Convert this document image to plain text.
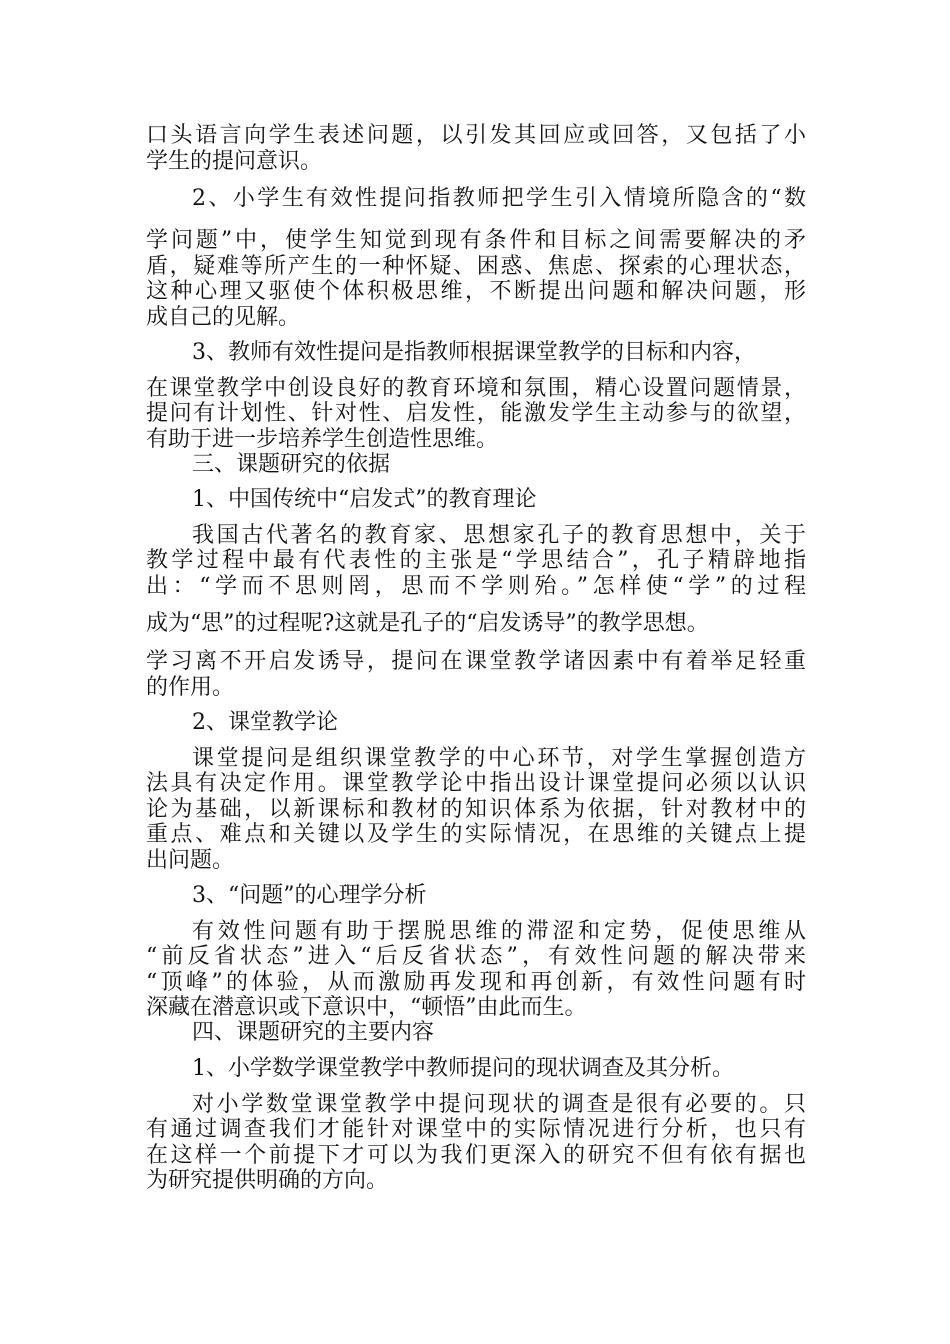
口头语言向学生表述问题，以引发其回应或回答，又包括了小
学生的提问意识。
2、小学生有效性提问指教师把学生引入情境所隐含的“数
学问题”中，使学生知觉到现有条件和目标之间需要解决的矛
盾，疑难等所产生的一种怀疑、困惑、焦虑、探索的心理状态，
这种心理又驱使个体积极思维，不断提出问题和解决问题，形
成自己的见解。
3、教师有效性提问是指教师根据课堂教学的目标和内容，
在课堂教学中创设良好的教育环境和氛围，精心设置问题情景，
提问有计划性、针对性、启发性，能激发学生主动参与的欲望，
有助于进一步培养学生创造性思维。
三、课题研究的依据
1、中国传统中“启发式”的教育理论
我国古代著名的教育家、思想家孔子的教育思想中，关于
教学过程中最有代表性的主张是“学思结合”，孔子精辟地指
出：“学而不思则罔，思而不学则殆。”怎样使“学”的过程
成为“思”的过程呢?这就是孔子的“启发诱导”的教学思想。
学习离不开启发诱导，提问在课堂教学诸因素中有着举足轻重
的作用。
2、课堂教学论
课堂提问是组织课堂教学的中心环节，对学生掌握创造方
法具有决定作用。课堂教学论中指出设计课堂提问必须以认识
论为基础，以新课标和教材的知识体系为依据，针对教材中的
重点、难点和关键以及学生的实际情况，在思维的关键点上提
出问题。
3、“问题”的心理学分析
有效性问题有助于摆脱思维的滞涩和定势，促使思维从
“前反省状态”进入“后反省状态”，有效性问题的解决带来
“顶峰”的体验，从而激励再发现和再创新，有效性问题有时
深藏在潜意识或下意识中，“顿悟”由此而生。
四、课题研究的主要内容
1、小学数学课堂教学中教师提问的现状调查及其分析。
对小学数堂课堂教学中提问现状的调查是很有必要的。只
有通过调查我们才能针对课堂中的实际情况进行分析，也只有
在这样一个前提下才可以为我们更深入的研究不但有依有据也
为研究提供明确的方向。
